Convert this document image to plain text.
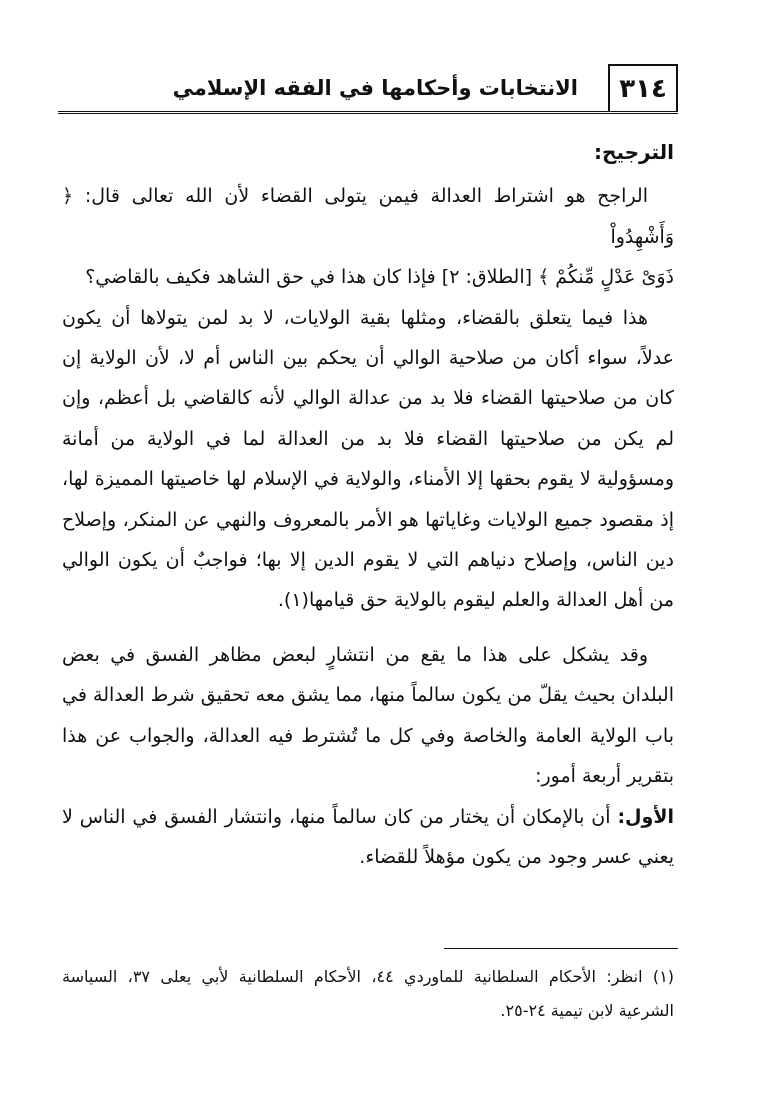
٣١٤
الانتخابات وأحكامها في الفقه الإسلامي

الترجيح:

الراجح هو اشتراط العدالة فيمن يتولى القضاء لأن الله تعالى قال: ﴿ وَأَشْهِدُواْ
ذَوَىْ عَدْلٍ مِّنكُمْ ﴾ [الطلاق: ٢] فإذا كان هذا في حق الشاهد فكيف بالقاضي؟

هذا فيما يتعلق بالقضاء، ومثلها بقية الولايات، لا بد لمن يتولاها أن يكون عدلاً، سواء أكان من صلاحية الوالي أن يحكم بين الناس أم لا، لأن الولاية إن كان من صلاحيتها القضاء فلا بد من عدالة الوالي لأنه كالقاضي بل أعظم، وإن لم يكن من صلاحيتها القضاء فلا بد من العدالة لما في الولاية من أمانة ومسؤولية لا يقوم بحقها إلا الأمناء، والولاية في الإسلام لها خاصيتها المميزة لها، إذ مقصود جميع الولايات وغاياتها هو الأمر بالمعروف والنهي عن المنكر، وإصلاح دين الناس، وإصلاح دنياهم التي لا يقوم الدين إلا بها؛ فواجبٌ أن يكون الوالي من أهل العدالة والعلم ليقوم بالولاية حق قيامها(١).

وقد يشكل على هذا ما يقع من انتشارٍ لبعض مظاهر الفسق في بعض البلدان بحيث يقلّ من يكون سالماً منها، مما يشق معه تحقيق شرط العدالة في باب الولاية العامة والخاصة وفي كل ما تُشترط فيه العدالة، والجواب عن هذا بتقرير أربعة أمور:

الأول: أن بالإمكان أن يختار من كان سالماً منها، وانتشار الفسق في الناس لا يعني عسر وجود من يكون مؤهلاً للقضاء.

(١) انظر: الأحكام السلطانية للماوردي ٤٤، الأحكام السلطانية لأبي يعلى ٣٧، السياسة الشرعية لابن تيمية ٢٤-٢٥.
